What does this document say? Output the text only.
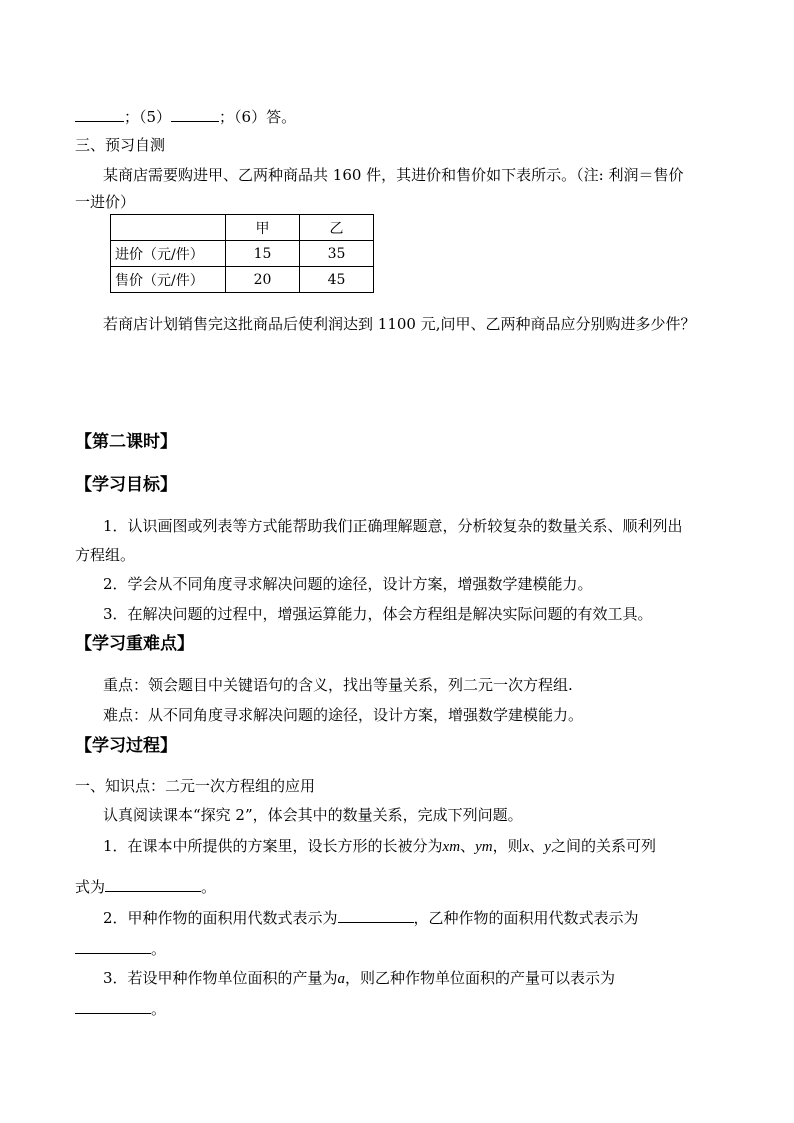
；（5）	；（6）答。
三、预习自测
某商店需要购进甲、乙两种商品共 160 件，其进价和售价如下表所示。（注: 利润＝售价
一进价）
	甲	乙
进价（元/件）	15	35
售价（元/件）	20	45
若商店计划销售完这批商品后使利润达到 1100 元,问甲、乙两种商品应分别购进多少件？
【第二课时】
【学习目标】
1．认识画图或列表等方式能帮助我们正确理解题意，分析较复杂的数量关系、顺利列出
方程组。
2．学会从不同角度寻求解决问题的途径，设计方案，增强数学建模能力。
3．在解决问题的过程中，增强运算能力，体会方程组是解决实际问题的有效工具。
【学习重难点】
重点：领会题目中关键语句的含义，找出等量关系，列二元一次方程组.
难点：从不同角度寻求解决问题的途径，设计方案，增强数学建模能力。
【学习过程】
一、知识点：二元一次方程组的应用
认真阅读课本“探究 2”，体会其中的数量关系，完成下列问题。
1．在课本中所提供的方案里，设长方形的长被分为xm、ym，则x、y之间的关系可列
式为	。
2．甲种作物的面积用代数式表示为	，乙种作物的面积用代数式表示为
。
3．若设甲种作物单位面积的产量为a，则乙种作物单位面积的产量可以表示为
。
